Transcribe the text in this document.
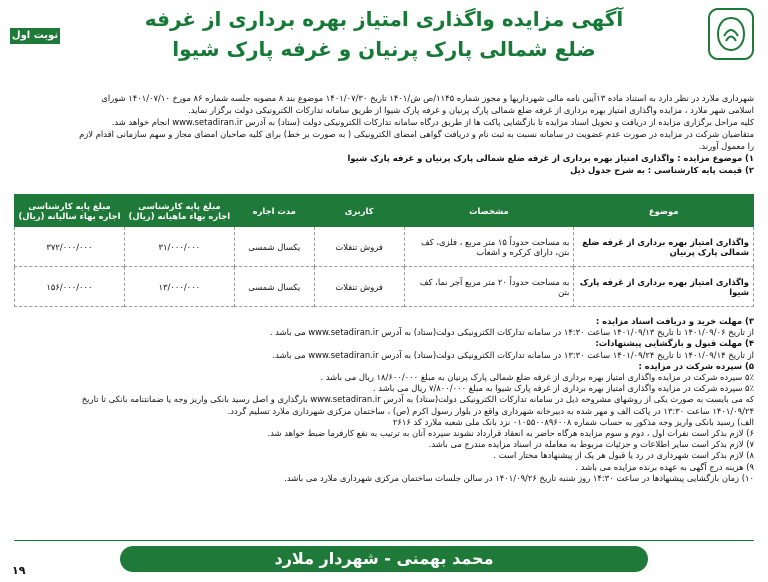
نوبت اول
آگهی مزایده واگذاری امتیاز بهره برداری از غرفه
ضلع شمالی پارک پرنیان و غرفه پارک شیوا

شهرداری ملارد در نظر دارد به استناد ماده ۱۳آیین نامه مالی شهرداریها و مجوز شماره ۱۱۴۵/ص ش/۱۴۰۱ تاریخ ۱۴۰۱/۰۷/۳۰ موضوع بند ۸ مصوبه جلسه شماره ۸۶ مورخ ۱۴۰۱/۰۷/۱۰ شورای

اسلامی شهر ملارد ، مزایده واگذاری امتیاز بهره برداری از غرفه ضلع شمالی پارک پرنیان و غرفه پارک شیوا از طریق سامانه تدارکات الکترونیکی دولت برگزار نماید.

کلیه مراحل برگزاری مزایده از دریافت و تحویل اسناد مزایده تا بازگشایی پاکت ها از طریق درگاه سامانه تدارکات الکترونیکی دولت (ستاد) به آدرس www.setadiran.ir انجام خواهد شد.

متقاضیان شرکت در مزایده در صورت عدم عضویت در سامانه نسبت به ثبت نام و دریافت گواهی امضای الکترونیکی ( به صورت بر خط) برای کلیه صاحبان امضای مجاز و سهم سازمانی اقدام لازم

را معمول آورند.

۱) موضوع مزایده : واگذاری امتیاز بهره برداری از غرفه ضلع شمالی پارک پرنیان و غرفه پارک شیوا

۲) قیمت پایه کارشناسی : به شرح جدول ذیل

موضوع	مشخصات	کاربری	مدت اجاره	مبلغ پایه کارشناسی اجاره بهاء ماهیانه (ریال)	مبلغ پایه کارشناسی اجاره بهاء سالیانه (ریال)
واگذاری امتیاز بهره برداری از غرفه ضلع شمالی پارک پرنیان	به مساحت حدوداً ۱۵ متر مربع ، فلزی، کف بتن، دارای کرکره و اشعاب	فروش تنقلات	یکسال شمسی	۳۱/۰۰۰/۰۰۰	۳۷۲/۰۰۰/۰۰۰
واگذاری امتیاز بهره برداری از غرفه پارک شیوا	به مساحت حدوداً ۲۰ متر مربع آجر نما، کف بتن	فروش تنقلات	یکسال شمسی	۱۳/۰۰۰/۰۰۰	۱۵۶/۰۰۰/۰۰۰

۳) مهلت خرید و دریافت اسناد مزایده :

از تاریخ ۱۴۰۱/۰۹/۰۶ تا تاریخ ۱۴۰۱/۰۹/۱۳ ساعت ۱۴:۳۰ در سامانه تدارکات الکترونیکی دولت(ستاد) به آدرس www.setadiran.ir می باشد .

۴) مهلت قبول و بازگشایی پیشنهادات:

از تاریخ ۱۴۰۱/۰۹/۱۴ تا تاریخ ۱۴۰۱/۰۹/۲۴ ساعت ۱۳:۳۰ در سامانه تدارکات الکترونیکی دولت(ستاد) به آدرس www.setadiran.ir می باشد.

۵) سپرده شرکت در مزایده :

۵٪ سپرده شرکت در مزایده واگذاری امتیاز بهره برداری از غرفه ضلع شمالی پارک پرنیان به مبلغ ۱۸/۶۰۰/۰۰۰ ریال می باشد .

۵٪ سپرده شرکت در مزایده واگذاری امتیاز بهره برداری از غرفه پارک شیوا به مبلغ ۷/۸۰۰/۰۰۰ ریال می باشد .

که می بایست به صورت یکی از روشهای مشروحه ذیل در سامانه تدارکات الکترونیکی دولت(ستاد) به آدرس www.setadiran.ir بارگذاری و اصل رسید بانکی واریز وجه یا ضمانتنامه بانکی تا تاریخ

۱۴۰۱/۰۹/۲۴ ساعت ۱۳:۳۰ در پاکت الف و مهر شده به دبیرخانه شهرداری واقع در بلوار رسول اکرم (ص) ، ساختمان مرکزی شهرداری ملارد تسلیم گردد.

الف) رسید بانکی واریز وجه مذکور به حساب شماره ۰۱۰۵۵۰۰۸۹۶۰۰۸ نزد بانک ملی شعبه ملارد کد ۲۶۱۶

۶) لازم بذکر است نفرات اول ، دوم و سوم مزایده هرگاه حاضر به انعقاد قرارداد نشوند سپرده آنان به ترتیب به نفع کارفرما ضبط خواهد شد.

۷) لازم بذکر است سایر اطلاعات و جزئیات مربوط به معامله در اسناد مزایده مندرج می باشد.

۸) لازم بذکر است شهرداری در رد یا قبول هر یک از پیشنهادها مختار است .

۹) هزینه درج آگهی به عهده برنده مزایده می باشد .

۱۰) زمان بازگشایی پیشنهادها در ساعت ۱۴:۳۰ روز شنبه تاریخ ۱۴۰۱/۰۹/۲۶ در سالن جلسات ساختمان مرکزی شهرداری ملارد می باشد.

محمد بهمنی - شهردار ملارد
۱۹
